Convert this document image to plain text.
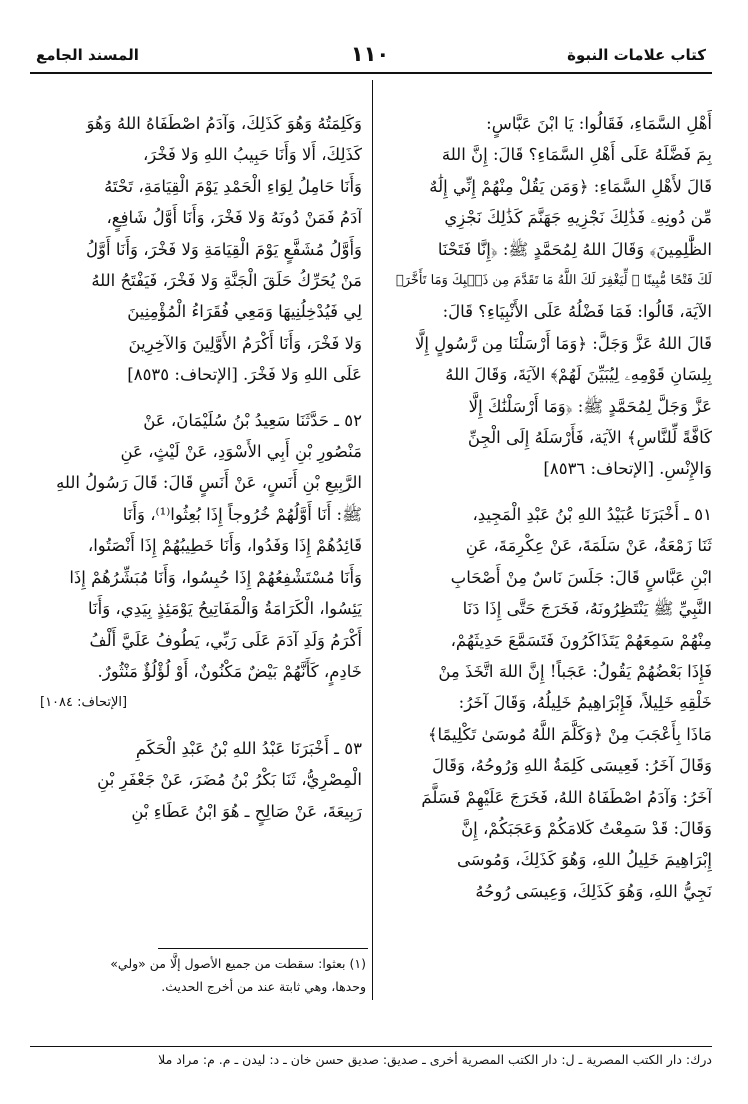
كتاب علامات النبوة
١١٠
المسند الجامع
أَهْلِ السَّمَاءِ، فَقَالُوا: يَا ابْنَ عَبَّاسٍ:
بِمَ فَضَّلَهُ عَلَى أَهْلِ السَّمَاءِ؟ قَالَ: إِنَّ اللهَ
قَالَ لأَهْلِ السَّمَاءِ: ﴿وَمَن يَقُلْ مِنْهُمْ إِنِّي إِلَٰهٌ
مِّن دُونِهِۦ فَذَٰلِكَ نَجْزِيهِ جَهَنَّمَ كَذَٰلِكَ نَجْزِي
الظَّٰلِمِينَ﴾ وَقَالَ اللهُ لِمُحَمَّدٍ ﷺ: ﴿إِنَّا فَتَحْنَا
لَكَ فَتْحًا مُّبِينًا ۞ لِّيَغْفِرَ لَكَ اللَّهُ مَا تَقَدَّمَ مِن ذَنۢبِكَ وَمَا تَأَخَّرَ﴾
الآيَة، قَالُوا: فَمَا فَضْلُهُ عَلَى الأَنْبِيَاءِ؟ قَالَ:
قَالَ اللهُ عَزَّ وَجَلَّ: ﴿وَمَا أَرْسَلْنَا مِن رَّسُولٍ إِلَّا
بِلِسَانِ قَوْمِهِۦ لِيُبَيِّنَ لَهُمْ﴾ الآيَةَ، وَقَالَ اللهُ
عَزَّ وَجَلَّ لِمُحَمَّدٍ ﷺ: ﴿وَمَا أَرْسَلْنَٰكَ إِلَّا
كَافَّةً لِّلنَّاسِ﴾ الآيَة، فَأَرْسَلَهُ إِلَى الْجِنِّ
وَالإِنْسِ. [الإتحاف: ٨٥٣٦]
٥١ ـ أَخْبَرَنَا عُبَيْدُ اللهِ بْنُ عَبْدِ الْمَجِيدِ،
ثَنَا زَمْعَةُ، عَنْ سَلَمَةَ، عَنْ عِكْرِمَةَ، عَنِ
ابْنِ عَبَّاسٍ قَالَ: جَلَسَ نَاسٌ مِنْ أَصْحَابِ
النَّبِيِّ ﷺ يَنْتَظِرُونَهُ، فَخَرَجَ حَتَّى إِذَا دَنَا
مِنْهُمْ سَمِعَهُمْ يَتَذَاكَرُونَ فَتَسَمَّعَ حَدِيثَهُمْ،
فَإِذَا بَعْضُهُمْ يَقُولُ: عَجَباً! إِنَّ اللهَ اتَّخَذَ مِنْ
خَلْقِهِ خَلِيلاً، فَإِبْرَاهِيمُ خَلِيلُهُ، وَقَالَ آخَرُ:
مَاذَا بِأَعْجَبَ مِنْ ﴿وَكَلَّمَ اللَّهُ مُوسَىٰ تَكْلِيمًا﴾
وَقَالَ آخَرُ: فَعِيسَى كَلِمَةُ اللهِ وَرُوحُهُ، وَقَالَ
آخَرُ: وَآدَمُ اصْطَفَاهُ اللهُ، فَخَرَجَ عَلَيْهِمْ فَسَلَّمَ
وَقَالَ: قَدْ سَمِعْتُ كَلامَكُمْ وَعَجَبَكُمْ، إِنَّ
إِبْرَاهِيمَ خَلِيلُ اللهِ، وَهُوَ كَذَلِكَ، وَمُوسَى
نَجِيُّ اللهِ، وَهُوَ كَذَلِكَ، وَعِيسَى رُوحُهُ
وَكَلِمَتُهُ وَهُوَ كَذَلِكَ، وَآدَمُ اصْطَفَاهُ اللهُ وَهُوَ
كَذَلِكَ، أَلا وَأَنَا حَبِيبُ اللهِ وَلا فَخْرَ،
وَأَنَا حَامِلُ لِوَاءِ الْحَمْدِ يَوْمَ الْقِيَامَةِ، تَحْتَهُ
آدَمُ فَمَنْ دُونَهُ وَلا فَخْرَ، وَأَنَا أَوَّلُ شَافِعٍ،
وَأَوَّلُ مُشَفَّعٍ يَوْمَ الْقِيَامَةِ وَلا فَخْرَ، وَأَنَا أَوَّلُ
مَنْ يُحَرِّكُ حَلَقَ الْجَنَّةِ وَلا فَخْرَ، فَيَفْتَحُ اللهُ
لِي فَيُدْخِلُنِيهَا وَمَعِي فُقَرَاءُ الْمُؤْمِنِينَ
وَلا فَخْرَ، وَأَنَا أَكْرَمُ الأَوَّلِينَ وَالآخِرِينَ
عَلَى اللهِ وَلا فَخْرَ. [الإتحاف: ٨٥٣٥]
٥٢ ـ حَدَّثَنَا سَعِيدُ بْنُ سُلَيْمَانَ، عَنْ
مَنْصُورِ بْنِ أَبِي الأَسْوَدِ، عَنْ لَيْثٍ، عَنِ
الرَّبِيعِ بْنِ أَنَسٍ، عَنْ أَنَسٍ قَالَ: قَالَ رَسُولُ اللهِ
ﷺ: أَنَا أَوَّلُهُمْ خُرُوجاً إِذَا بُعِثُوا⁽¹⁾، وَأَنَا
قَائِدُهُمْ إِذَا وَفَدُوا، وَأَنَا خَطِيبُهُمْ إِذَا أَنْصَتُوا،
وَأَنَا مُسْتَشْفِعُهُمْ إِذَا حُبِسُوا، وَأَنَا مُبَشِّرُهُمْ إِذَا
يَئِسُوا، الْكَرَامَةُ وَالْمَفَاتِيحُ يَوْمَئِذٍ بِيَدِي، وَأَنَا
أَكْرَمُ وَلَدِ آدَمَ عَلَى رَبِّي، يَطُوفُ عَلَيَّ أَلْفُ
خَادِمٍ، كَأَنَّهُمْ بَيْضٌ مَكْنُونٌ، أَوْ لُؤْلُؤٌ مَنْثُورٌ.
[الإتحاف: ١٠٨٤]
٥٣ ـ أَخْبَرَنَا عَبْدُ اللهِ بْنُ عَبْدِ الْحَكَمِ
الْمِصْرِيُّ، ثَنَا بَكْرُ بْنُ مُضَرَ، عَنْ جَعْفَرِ بْنِ
رَبِيعَةَ، عَنْ صَالِحٍ ـ هُوَ ابْنُ عَطَاءِ بْنِ
(١) بعثوا: سقطت من جميع الأصول إلَّا من «ولي»
وحدها، وهي ثابتة عند من أخرج الحديث.
درك: دار الكتب المصرية ـ ل: دار الكتب المصرية أخرى ـ صديق: صديق حسن خان ـ د: ليدن ـ م. م: مراد ملا
